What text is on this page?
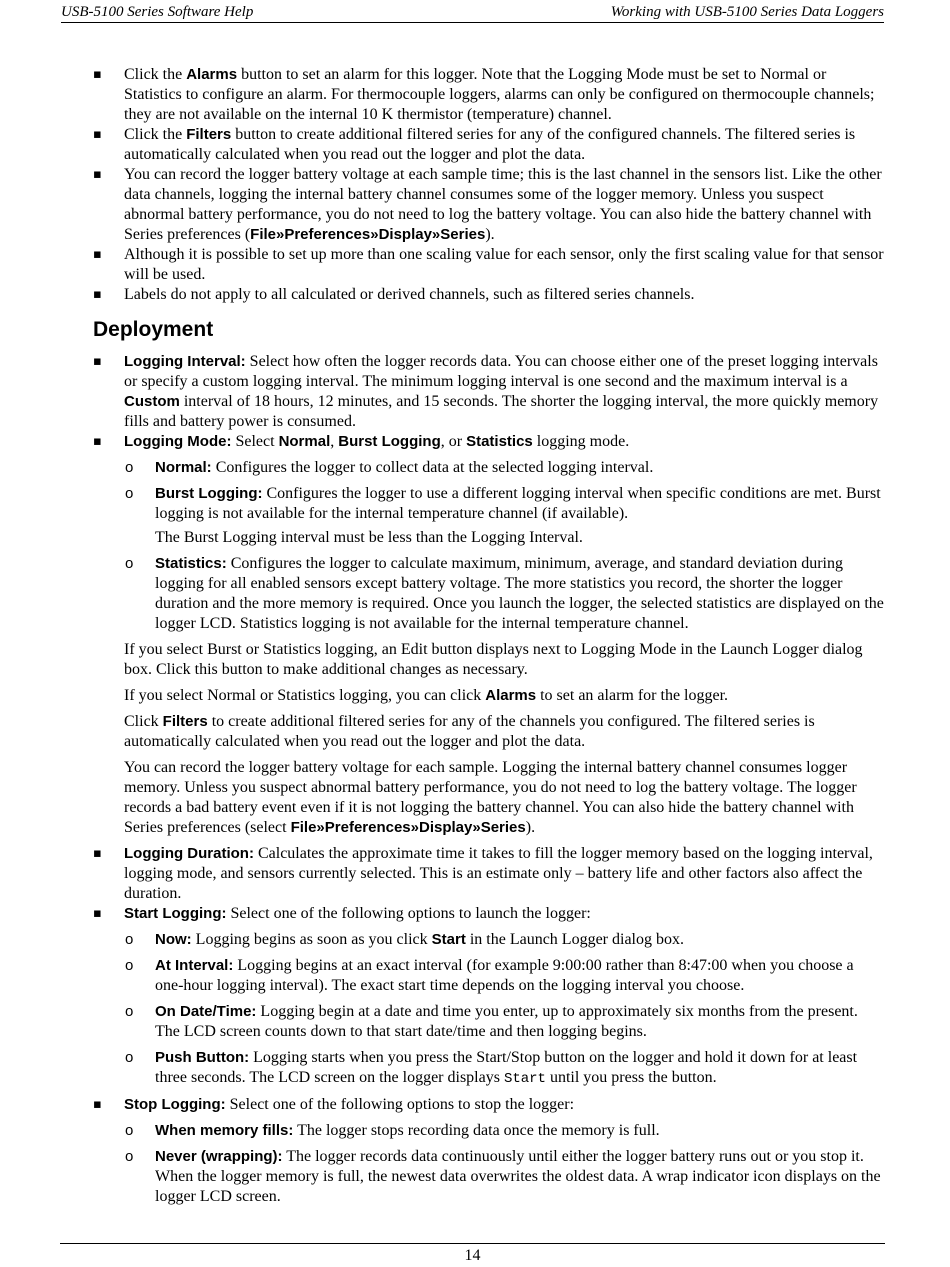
USB-5100 Series Software Help	Working with USB-5100 Series Data Loggers
▪ Click the Alarms button to set an alarm for this logger. Note that the Logging Mode must be set to Normal or Statistics to configure an alarm. For thermocouple loggers, alarms can only be configured on thermocouple channels; they are not available on the internal 10 K thermistor (temperature) channel.
▪ Click the Filters button to create additional filtered series for any of the configured channels. The filtered series is automatically calculated when you read out the logger and plot the data.
▪ You can record the logger battery voltage at each sample time; this is the last channel in the sensors list. Like the other data channels, logging the internal battery channel consumes some of the logger memory. Unless you suspect abnormal battery performance, you do not need to log the battery voltage. You can also hide the battery channel with Series preferences (File»Preferences»Display»Series).
▪ Although it is possible to set up more than one scaling value for each sensor, only the first scaling value for that sensor will be used.
▪ Labels do not apply to all calculated or derived channels, such as filtered series channels.
Deployment
▪ Logging Interval: Select how often the logger records data. You can choose either one of the preset logging intervals or specify a custom logging interval. The minimum logging interval is one second and the maximum interval is a Custom interval of 18 hours, 12 minutes, and 15 seconds. The shorter the logging interval, the more quickly memory fills and battery power is consumed.
▪ Logging Mode: Select Normal, Burst Logging, or Statistics logging mode.
o Normal: Configures the logger to collect data at the selected logging interval.
o Burst Logging: Configures the logger to use a different logging interval when specific conditions are met. Burst logging is not available for the internal temperature channel (if available).
The Burst Logging interval must be less than the Logging Interval.
o Statistics: Configures the logger to calculate maximum, minimum, average, and standard deviation during logging for all enabled sensors except battery voltage. The more statistics you record, the shorter the logger duration and the more memory is required. Once you launch the logger, the selected statistics are displayed on the logger LCD. Statistics logging is not available for the internal temperature channel.
If you select Burst or Statistics logging, an Edit button displays next to Logging Mode in the Launch Logger dialog box. Click this button to make additional changes as necessary.
If you select Normal or Statistics logging, you can click Alarms to set an alarm for the logger.
Click Filters to create additional filtered series for any of the channels you configured. The filtered series is automatically calculated when you read out the logger and plot the data.
You can record the logger battery voltage for each sample. Logging the internal battery channel consumes logger memory. Unless you suspect abnormal battery performance, you do not need to log the battery voltage. The logger records a bad battery event even if it is not logging the battery channel. You can also hide the battery channel with Series preferences (select File»Preferences»Display»Series).
▪ Logging Duration: Calculates the approximate time it takes to fill the logger memory based on the logging interval, logging mode, and sensors currently selected. This is an estimate only – battery life and other factors also affect the duration.
▪ Start Logging: Select one of the following options to launch the logger:
o Now: Logging begins as soon as you click Start in the Launch Logger dialog box.
o At Interval: Logging begins at an exact interval (for example 9:00:00 rather than 8:47:00 when you choose a one-hour logging interval). The exact start time depends on the logging interval you choose.
o On Date/Time: Logging begin at a date and time you enter, up to approximately six months from the present. The LCD screen counts down to that start date/time and then logging begins.
o Push Button: Logging starts when you press the Start/Stop button on the logger and hold it down for at least three seconds. The LCD screen on the logger displays Start until you press the button.
▪ Stop Logging: Select one of the following options to stop the logger:
o When memory fills: The logger stops recording data once the memory is full.
o Never (wrapping): The logger records data continuously until either the logger battery runs out or you stop it. When the logger memory is full, the newest data overwrites the oldest data. A wrap indicator icon displays on the logger LCD screen.
14
